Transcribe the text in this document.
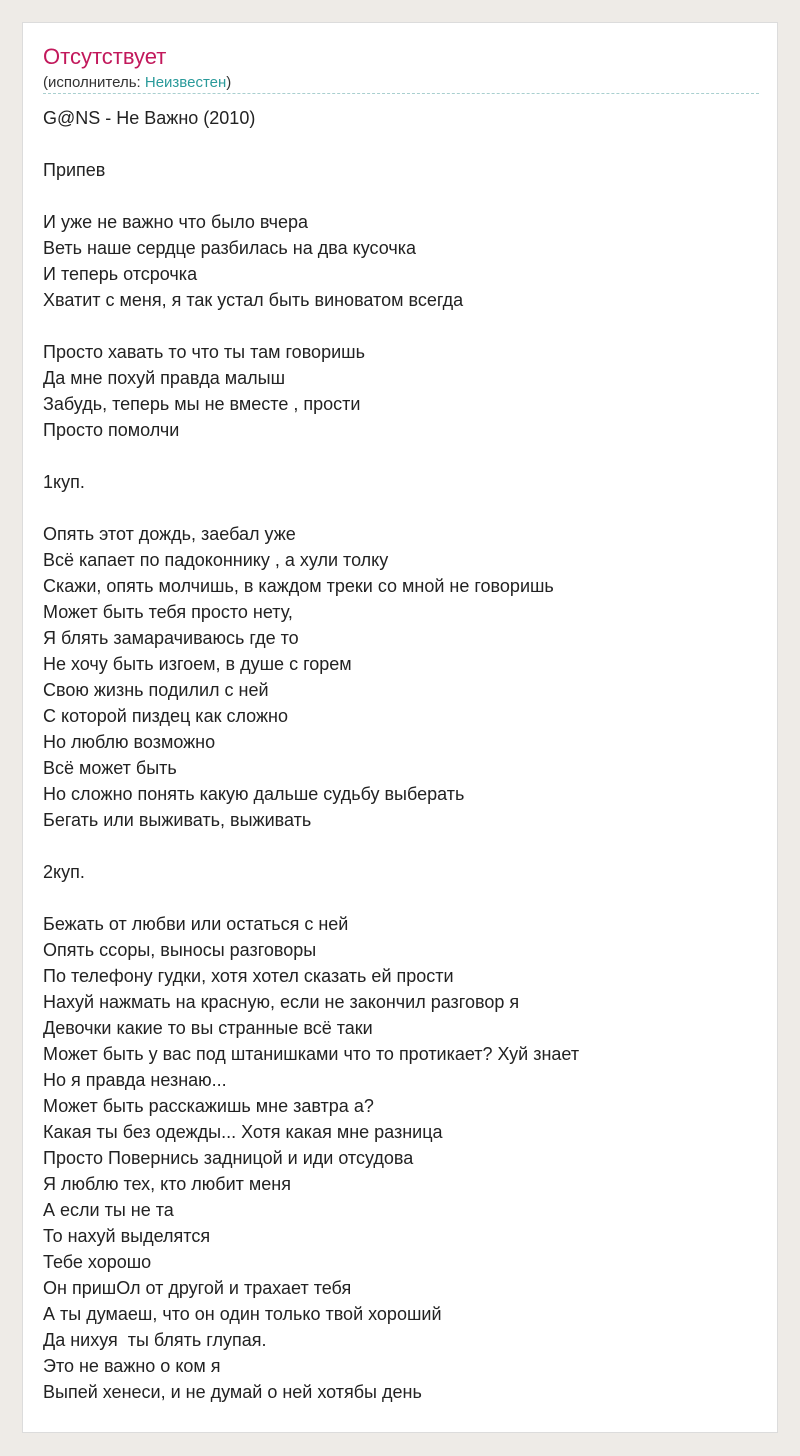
Отсутствует
(исполнитель: Неизвестен)
G@NS - Не Важно (2010)

Припев

И уже не важно что было вчера
Веть наше сердце разбилась на два кусочка
И теперь отсрочка
Хватит с меня, я так устал быть виноватом всегда

Просто хавать то что ты там говоришь
Да мне похуй правда малыш
Забудь, теперь мы не вместе , прости
Просто помолчи

1куп.

Опять этот дождь, заебал уже
Всё капает по падоконнику , а хули толку
Скажи, опять молчишь, в каждом треки со мной не говоришь
Может быть тебя просто нету,
Я блять замарачиваюсь где то
Не хочу быть изгоем, в душе с горем
Свою жизнь подилил с ней
С которой пиздец как сложно
Но люблю возможно
Всё может быть
Но сложно понять какую дальше судьбу выберать
Бегать или выживать, выживать

2куп.

Бежать от любви или остаться с ней
Опять ссоры, выносы разговоры
По телефону гудки, хотя хотел сказать ей прости
Нахуй нажмать на красную, если не закончил разговор я
Девочки какие то вы странные всё таки
Может быть у вас под штанишками что то протикает? Хуй знает
Но я правда незнаю...
Может быть расскажишь мне завтра а?
Какая ты без одежды... Хотя какая мне разница
Просто Повернись задницой и иди отсудова
Я люблю тех, кто любит меня
А если ты не та
То нахуй выделятся
Тебе хорошо
Он пришОл от другой и трахает тебя
А ты думаеш, что он один только твой хороший
Да нихуя  ты блять глупая.
Это не важно о ком я
Выпей хенеси, и не думай о ней хотябы день
